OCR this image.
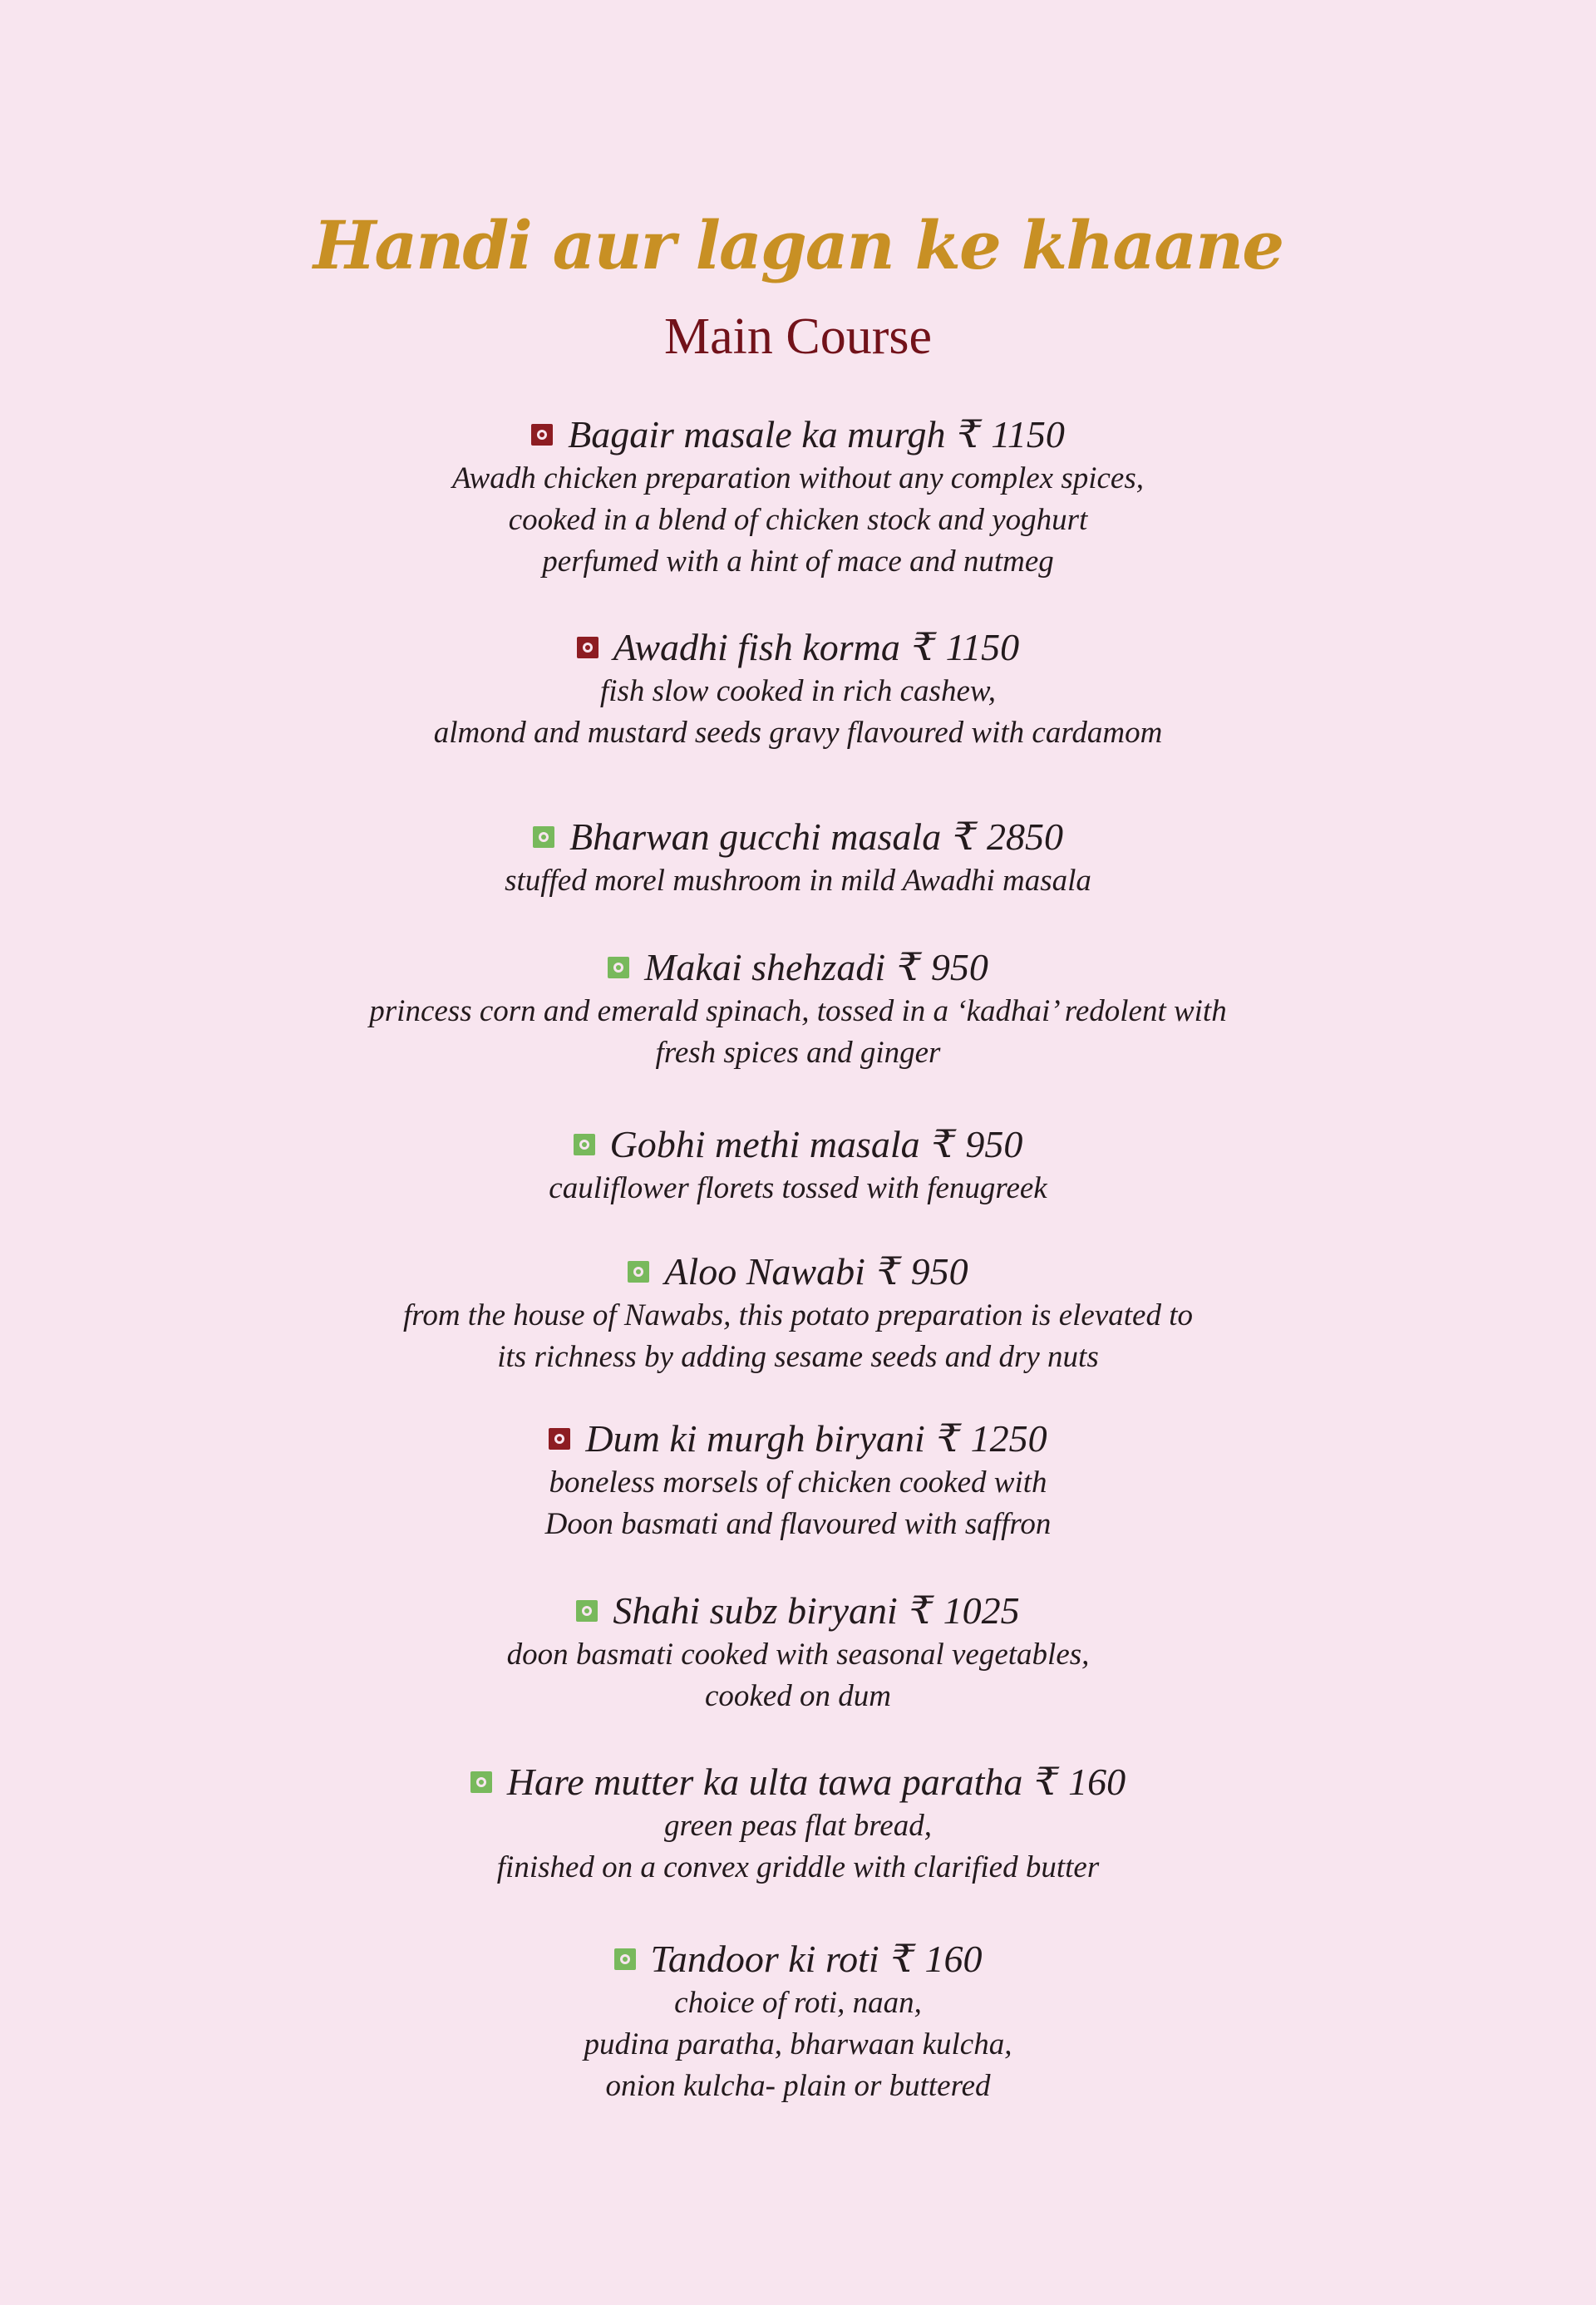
Handi aur lagan ke khaane
Main Course
Bagair masale ka murgh ₹ 1150

Awadh chicken preparation without any complex spices,

cooked in a blend of chicken stock and yoghurt

perfumed with a hint of mace and nutmeg

Awadhi fish korma ₹ 1150

fish slow cooked in rich cashew,

almond and mustard seeds gravy flavoured with cardamom

Bharwan gucchi masala ₹ 2850

stuffed morel mushroom in mild Awadhi masala

Makai shehzadi ₹ 950

princess corn and emerald spinach, tossed in a ‘kadhai’ redolent with

fresh spices and ginger

Gobhi methi masala ₹ 950

cauliflower florets tossed with fenugreek

Aloo Nawabi ₹ 950

from the house of Nawabs, this potato preparation is elevated to

its richness by adding sesame seeds and dry nuts

Dum ki murgh biryani ₹ 1250

boneless morsels of chicken cooked with

Doon basmati and flavoured with saffron

Shahi subz biryani ₹ 1025

doon basmati cooked with seasonal vegetables,

cooked on dum

Hare mutter ka ulta tawa paratha ₹ 160

green peas flat bread,

finished on a convex griddle with clarified butter

Tandoor ki roti ₹ 160

choice of roti, naan,

pudina paratha, bharwaan kulcha,

onion kulcha- plain or buttered
